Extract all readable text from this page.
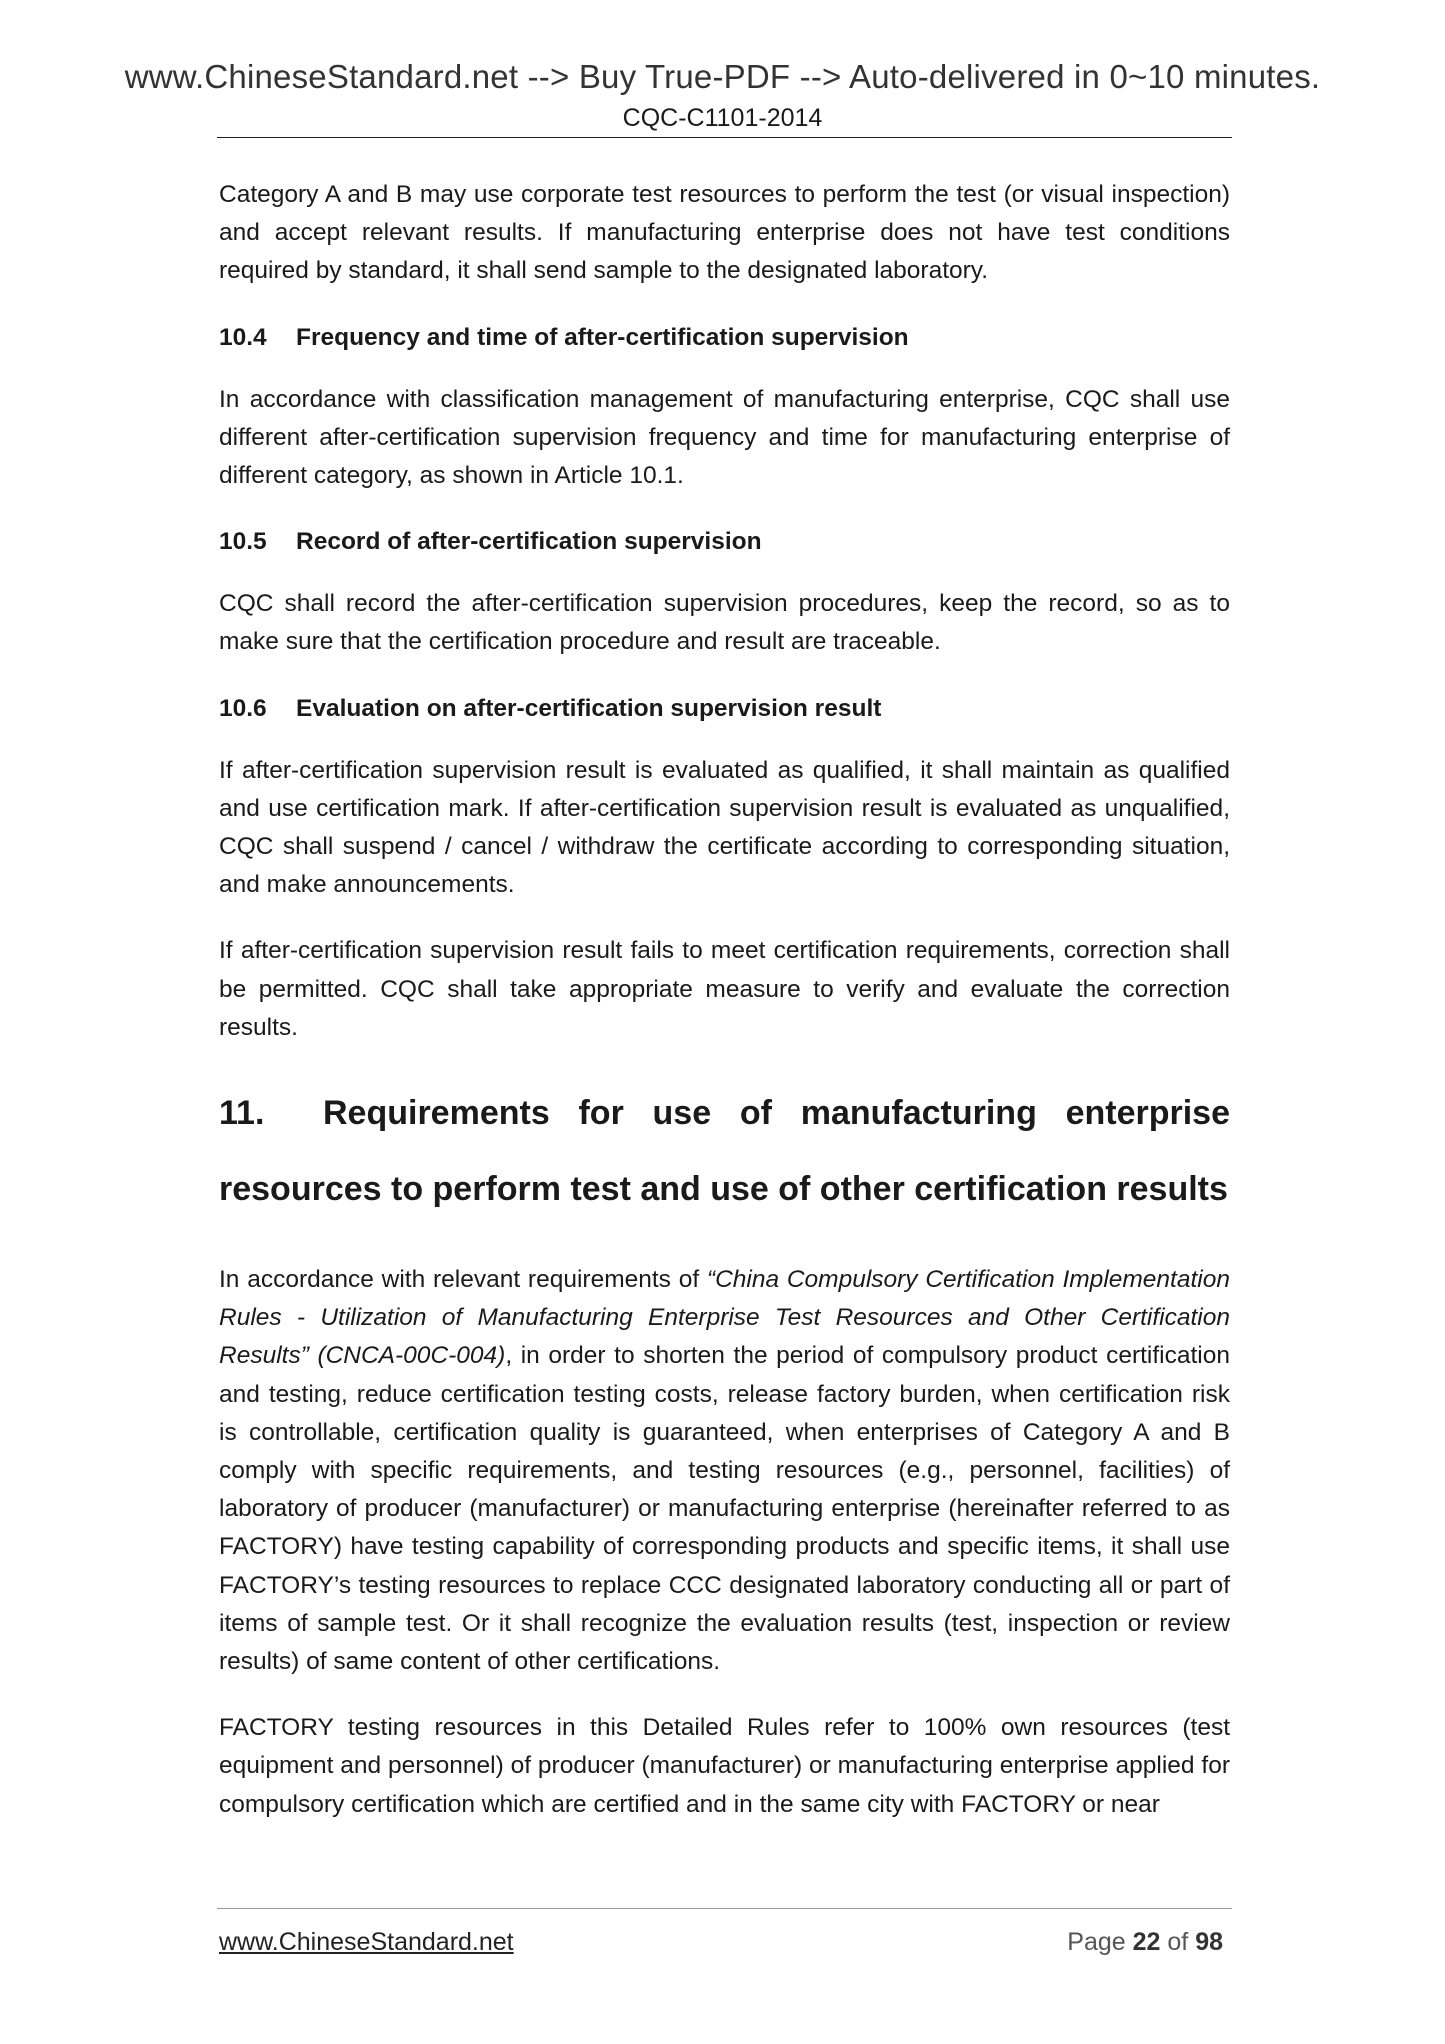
www.ChineseStandard.net --> Buy True-PDF --> Auto-delivered in 0~10 minutes.
CQC-C1101-2014

Category A and B may use corporate test resources to perform the test (or visual inspection) and accept relevant results. If manufacturing enterprise does not have test conditions required by standard, it shall send sample to the designated laboratory.

10.4 Frequency and time of after-certification supervision

In accordance with classification management of manufacturing enterprise, CQC shall use different after-certification supervision frequency and time for manufacturing enterprise of different category, as shown in Article 10.1.

10.5 Record of after-certification supervision

CQC shall record the after-certification supervision procedures, keep the record, so as to make sure that the certification procedure and result are traceable.

10.6 Evaluation on after-certification supervision result

If after-certification supervision result is evaluated as qualified, it shall maintain as qualified and use certification mark. If after-certification supervision result is evaluated as unqualified, CQC shall suspend / cancel / withdraw the certificate according to corresponding situation, and make announcements.

If after-certification supervision result fails to meet certification requirements, correction shall be permitted. CQC shall take appropriate measure to verify and evaluate the correction results.

11. Requirements for use of manufacturing enterprise resources to perform test and use of other certification results

In accordance with relevant requirements of “China Compulsory Certification Implementation Rules - Utilization of Manufacturing Enterprise Test Resources and Other Certification Results” (CNCA-00C-004), in order to shorten the period of compulsory product certification and testing, reduce certification testing costs, release factory burden, when certification risk is controllable, certification quality is guaranteed, when enterprises of Category A and B comply with specific requirements, and testing resources (e.g., personnel, facilities) of laboratory of producer (manufacturer) or manufacturing enterprise (hereinafter referred to as FACTORY) have testing capability of corresponding products and specific items, it shall use FACTORY’s testing resources to replace CCC designated laboratory conducting all or part of items of sample test. Or it shall recognize the evaluation results (test, inspection or review results) of same content of other certifications.

FACTORY testing resources in this Detailed Rules refer to 100% own resources (test equipment and personnel) of producer (manufacturer) or manufacturing enterprise applied for compulsory certification which are certified and in the same city with FACTORY or near

www.ChineseStandard.net	Page 22 of 98
